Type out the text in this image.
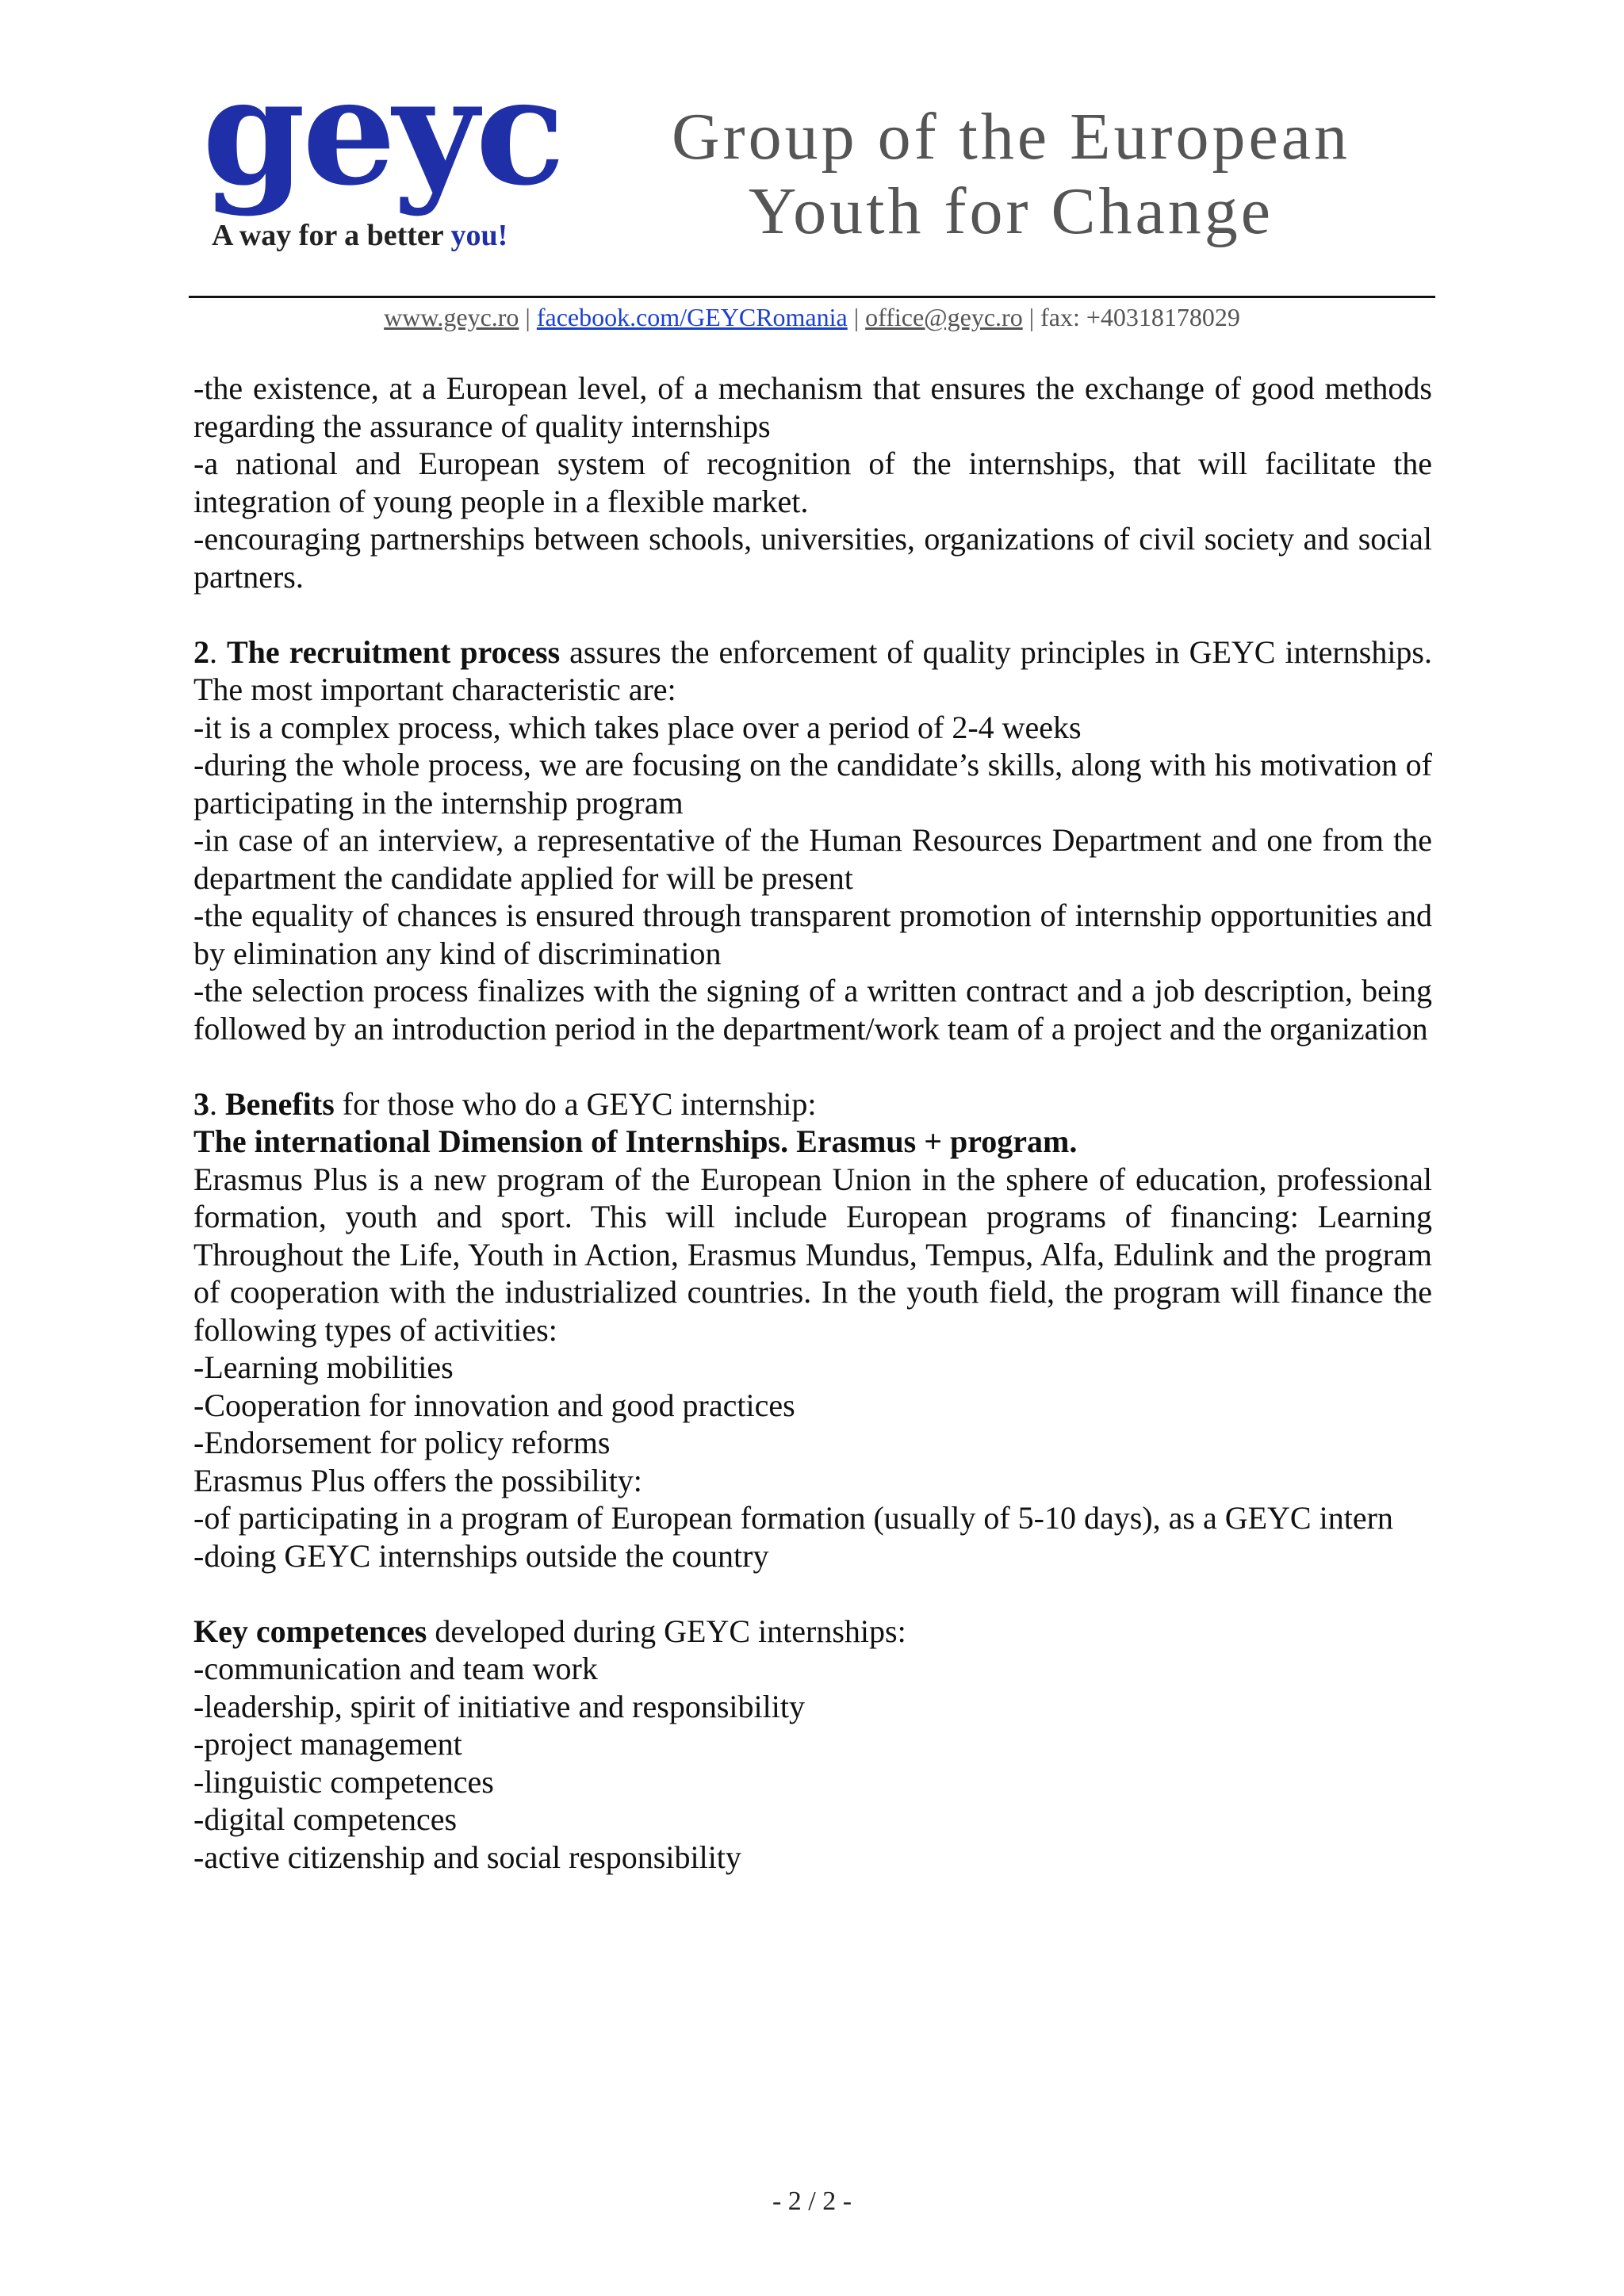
geyc
A way for a better you!
Group of the European
Youth for Change
www.geyc.ro | facebook.com/GEYCRomania | office@geyc.ro | fax: +40318178029

-the existence, at a European level, of a mechanism that ensures the exchange of good methods regarding the assurance of quality internships

-a national and European system of recognition of the internships, that will facilitate the integration of young people in a flexible market.

-encouraging partnerships between schools, universities, organizations of civil society and social partners.

2. The recruitment process assures the enforcement of quality principles in GEYC internships. The most important characteristic are:

-it is a complex process, which takes place over a period of 2-4 weeks

-during the whole process, we are focusing on the candidate’s skills, along with his motivation of participating in the internship program

-in case of an interview, a representative of the Human Resources Department and one from the department the candidate applied for will be present

-the equality of chances is ensured through transparent promotion of internship opportunities and by elimination any kind of discrimination

-the selection process finalizes with the signing of a written contract and a job description, being followed by an introduction period in the department/work team of a project and the organization

3. Benefits for those who do a GEYC internship:

The international Dimension of Internships. Erasmus + program.

Erasmus Plus is a new program of the European Union in the sphere of education, professional formation, youth and sport. This will include European programs of financing: Learning Throughout the Life, Youth in Action, Erasmus Mundus, Tempus, Alfa, Edulink and the program of cooperation with the industrialized countries. In the youth field, the program will finance the following types of activities:

-Learning mobilities

-Cooperation for innovation and good practices

-Endorsement for policy reforms

Erasmus Plus offers the possibility:

-of participating in a program of European formation (usually of 5-10 days), as a GEYC intern

-doing GEYC internships outside the country

Key competences developed during GEYC internships:

-communication and team work

-leadership, spirit of initiative and responsibility

-project management

-linguistic competences

-digital competences

-active citizenship and social responsibility

- 2 / 2 -
